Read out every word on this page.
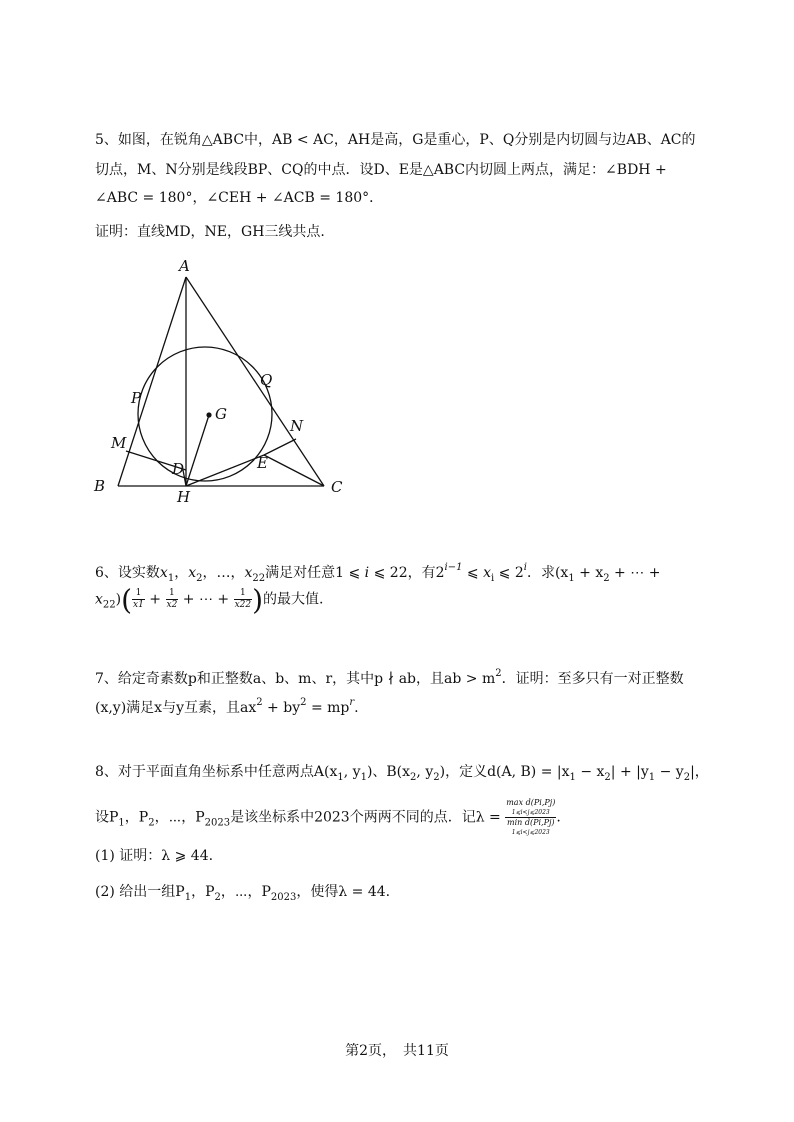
5、如图，在锐角△ABC中，AB < AC，AH是高，G是重心，P、Q分别是内切圆与边AB、AC的
切点，M、N分别是线段BP、CQ的中点．设D、E是△ABC内切圆上两点，满足：∠BDH +
∠ABC = 180°，∠CEH + ∠ACB = 180°．
证明：直线MD，NE，GH三线共点.
A
B	C
H
P
Q
M
N
D	E
G
6、设实数$x_1$，$x_2$，…，$x_{22}$满足对任意1 ⩽ i ⩽ 22，有$2^{i-1}$ ⩽ $x_i$ ⩽ 2$^i$．求($x_1 + x_2$ + ⋯ +
$x_{22})( \frac{1}{x1} + \frac{1}{x2}$ + ⋯ + $\frac{1}{x22}$ )的最大值.
7、给定奇素数p和正整数a、b、m、r，其中p ∤ ab，且ab > $m^2$．证明：至多只有一对正整数
(x,y)满足x与y互素，且$ax^2 + by^2 = mp^r$.
8、对于平面直角坐标系中任意两点$A(x_1$, $y_1$)、$B(x_2$, $y_2$)，定义d(A, $B) = |x_1 - x_2| + |y_1 - y_2|$，
设$P_1$，$P_2$，⋯，$P_{2023}$是该坐标系中2023个两两不同的点．记λ =
max d(Pi,Pj)
1⩽i<j⩽2023
min d(Pi,Pj)
1⩽i<j⩽2023
.
(1) 证明：λ ⩾ 44.
(2) 给出一组$P_1$，$P_2$，⋯，$P_{2023}$，使得λ = 44.
第2页，　共11页
